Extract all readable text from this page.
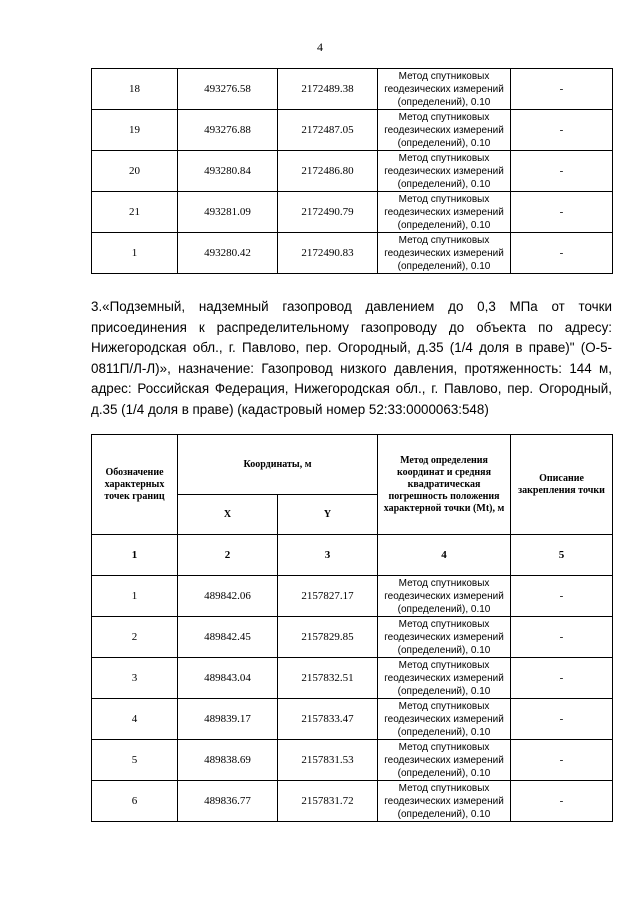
4
18	493276.58	2172489.38	Метод спутниковых геодезических измерений (определений), 0.10	-
19	493276.88	2172487.05	Метод спутниковых геодезических измерений (определений), 0.10	-
20	493280.84	2172486.80	Метод спутниковых геодезических измерений (определений), 0.10	-
21	493281.09	2172490.79	Метод спутниковых геодезических измерений (определений), 0.10	-
1	493280.42	2172490.83	Метод спутниковых геодезических измерений (определений), 0.10	-
3.«Подземный, надземный газопровод давлением до 0,3 МПа от точки присоединения к распределительному газопроводу до объекта по адресу: Нижегородская обл., г. Павлово, пер. Огородный, д.35 (1/4 доля в праве)" (О-5-0811П/Л-Л)», назначение: Газопровод низкого давления, протяженность: 144 м, адрес: Российская Федерация, Нижегородская обл., г. Павлово, пер. Огородный, д.35 (1/4 доля в праве) (кадастровый номер 52:33:0000063:548)
Обозначение характерных точек границ	Координаты, м		Метод определения координат и средняя квадратическая погрешность положения характерной точки (Mt), м	Описание закрепления точки
	X	Y		
1	2	3	4	5
1	489842.06	2157827.17	Метод спутниковых геодезических измерений (определений), 0.10	-
2	489842.45	2157829.85	Метод спутниковых геодезических измерений (определений), 0.10	-
3	489843.04	2157832.51	Метод спутниковых геодезических измерений (определений), 0.10	-
4	489839.17	2157833.47	Метод спутниковых геодезических измерений (определений), 0.10	-
5	489838.69	2157831.53	Метод спутниковых геодезических измерений (определений), 0.10	-
6	489836.77	2157831.72	Метод спутниковых геодезических измерений (определений), 0.10	-
